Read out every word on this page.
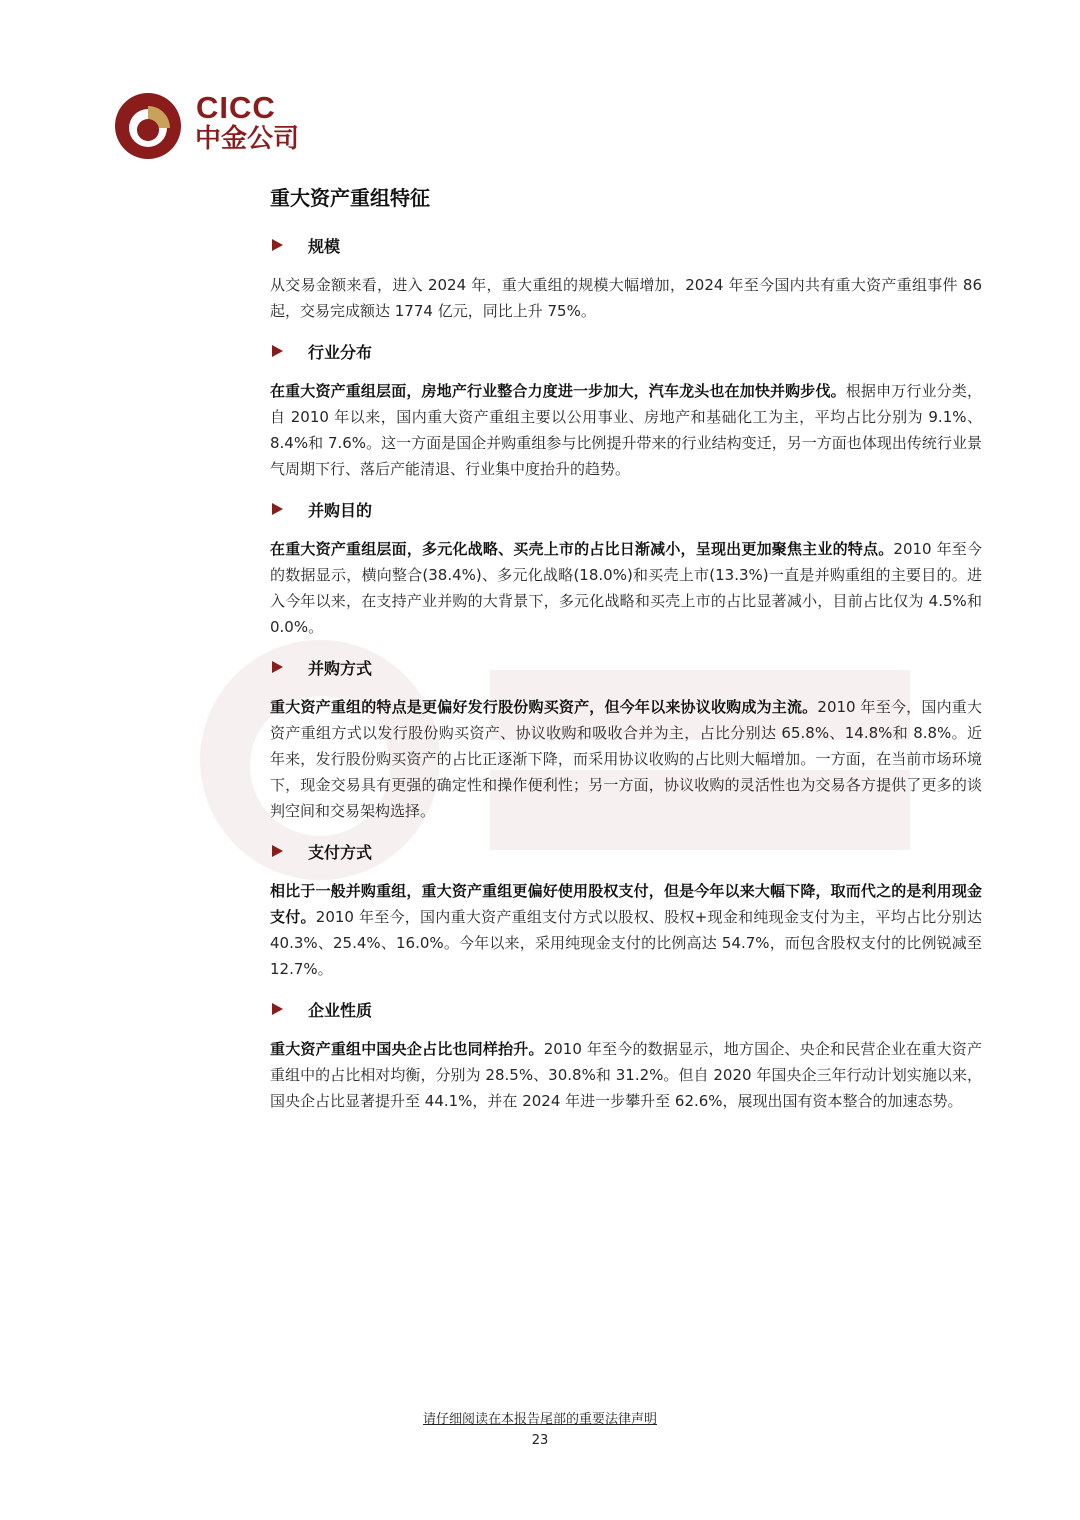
CICC
中金公司
重大资产重组特征
规模

从交易金额来看，进入 2024 年，重大重组的规模大幅增加，2024 年至今国内共有重大资产重组事件 86 起，交易完成额达 1774 亿元，同比上升 75%。

行业分布

在重大资产重组层面，房地产行业整合力度进一步加大，汽车龙头也在加快并购步伐。根据申万行业分类，自 2010 年以来，国内重大资产重组主要以公用事业、房地产和基础化工为主，平均占比分别为 9.1%、8.4%和 7.6%。这一方面是国企并购重组参与比例提升带来的行业结构变迁，另一方面也体现出传统行业景气周期下行、落后产能清退、行业集中度抬升的趋势。

并购目的

在重大资产重组层面，多元化战略、买壳上市的占比日渐减小，呈现出更加聚焦主业的特点。2010 年至今的数据显示，横向整合(38.4%)、多元化战略(18.0%)和买壳上市(13.3%)一直是并购重组的主要目的。进入今年以来，在支持产业并购的大背景下，多元化战略和买壳上市的占比显著减小，目前占比仅为 4.5%和 0.0%。

并购方式

重大资产重组的特点是更偏好发行股份购买资产，但今年以来协议收购成为主流。2010 年至今，国内重大资产重组方式以发行股份购买资产、协议收购和吸收合并为主，占比分别达 65.8%、14.8%和 8.8%。近年来，发行股份购买资产的占比正逐渐下降，而采用协议收购的占比则大幅增加。一方面，在当前市场环境下，现金交易具有更强的确定性和操作便利性；另一方面，协议收购的灵活性也为交易各方提供了更多的谈判空间和交易架构选择。

支付方式

相比于一般并购重组，重大资产重组更偏好使用股权支付，但是今年以来大幅下降，取而代之的是利用现金支付。2010 年至今，国内重大资产重组支付方式以股权、股权+现金和纯现金支付为主，平均占比分别达 40.3%、25.4%、16.0%。今年以来，采用纯现金支付的比例高达 54.7%，而包含股权支付的比例锐减至 12.7%。

企业性质

重大资产重组中国央企占比也同样抬升。2010 年至今的数据显示，地方国企、央企和民营企业在重大资产重组中的占比相对均衡，分别为 28.5%、30.8%和 31.2%。但自 2020 年国央企三年行动计划实施以来，国央企占比显著提升至 44.1%，并在 2024 年进一步攀升至 62.6%，展现出国有资本整合的加速态势。

请仔细阅读在本报告尾部的重要法律声明
23
